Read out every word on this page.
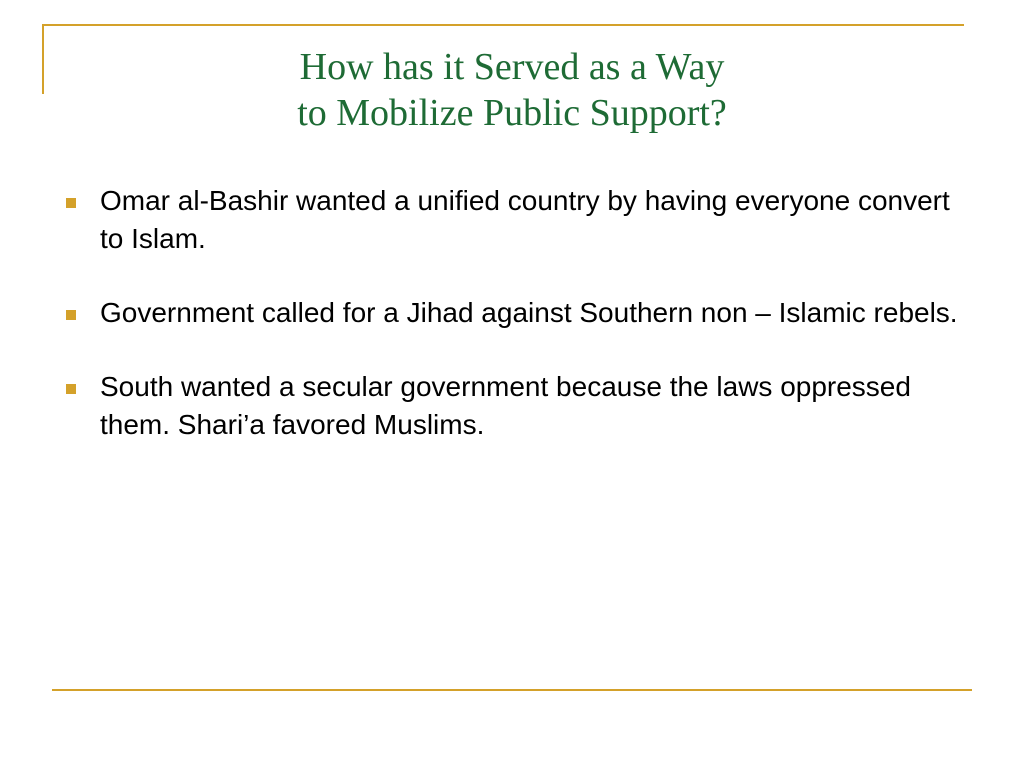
How has it Served as a Way
to Mobilize Public Support?
Omar al-Bashir wanted a unified country by having everyone convert to Islam.
Government called for a Jihad against Southern non – Islamic rebels.
South wanted a secular government because the laws oppressed them. Shari’a favored Muslims.
